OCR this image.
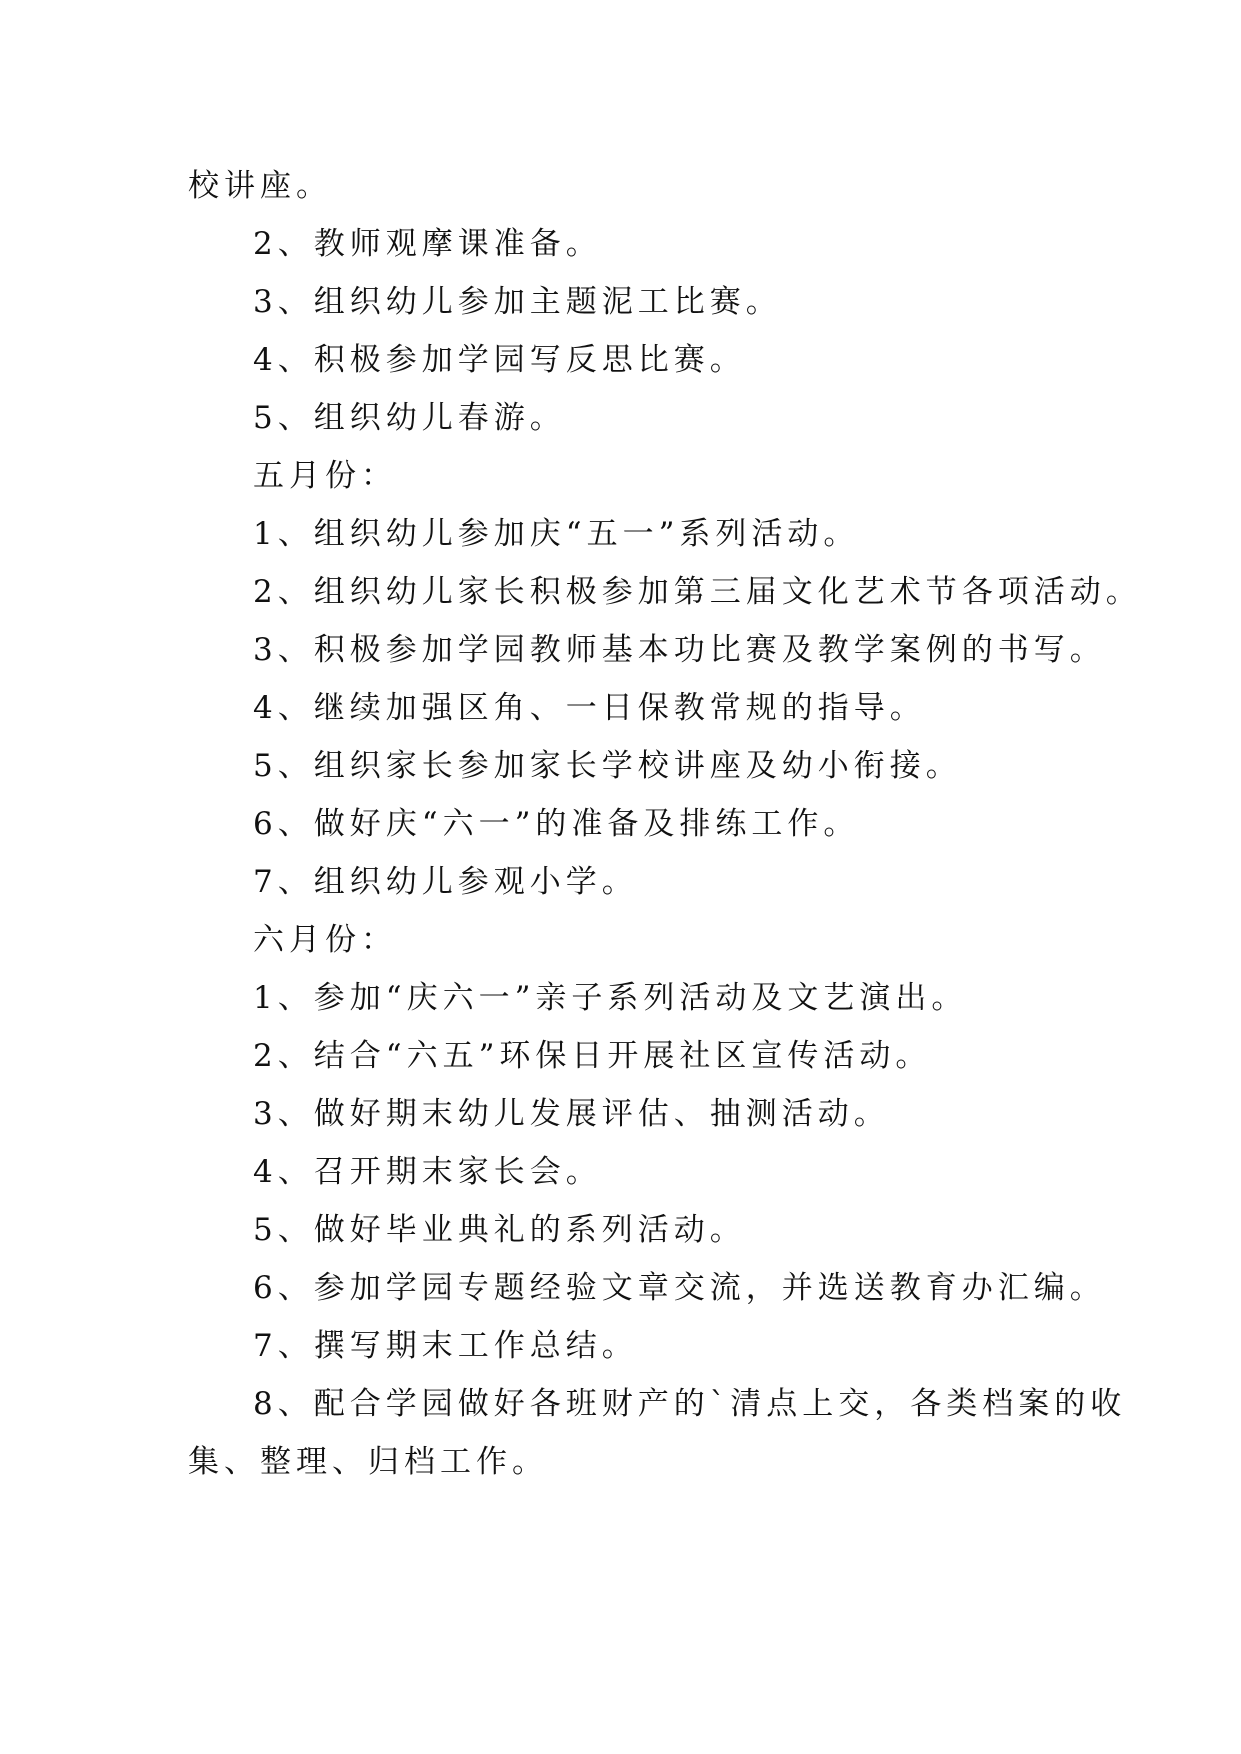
校讲座。
2、教师观摩课准备。
3、组织幼儿参加主题泥工比赛。
4、积极参加学园写反思比赛。
5、组织幼儿春游。
五月份：
1、组织幼儿参加庆“五一”系列活动。
2、组织幼儿家长积极参加第三届文化艺术节各项活动。
3、积极参加学园教师基本功比赛及教学案例的书写。
4、继续加强区角、一日保教常规的指导。
5、组织家长参加家长学校讲座及幼小衔接。
6、做好庆“六一”的准备及排练工作。
7、组织幼儿参观小学。
六月份：
1、参加“庆六一”亲子系列活动及文艺演出。
2、结合“六五”环保日开展社区宣传活动。
3、做好期末幼儿发展评估、抽测活动。
4、召开期末家长会。
5、做好毕业典礼的系列活动。
6、参加学园专题经验文章交流，并选送教育办汇编。
7、撰写期末工作总结。
8、配合学园做好各班财产的`清点上交，各类档案的收
集、整理、归档工作。
